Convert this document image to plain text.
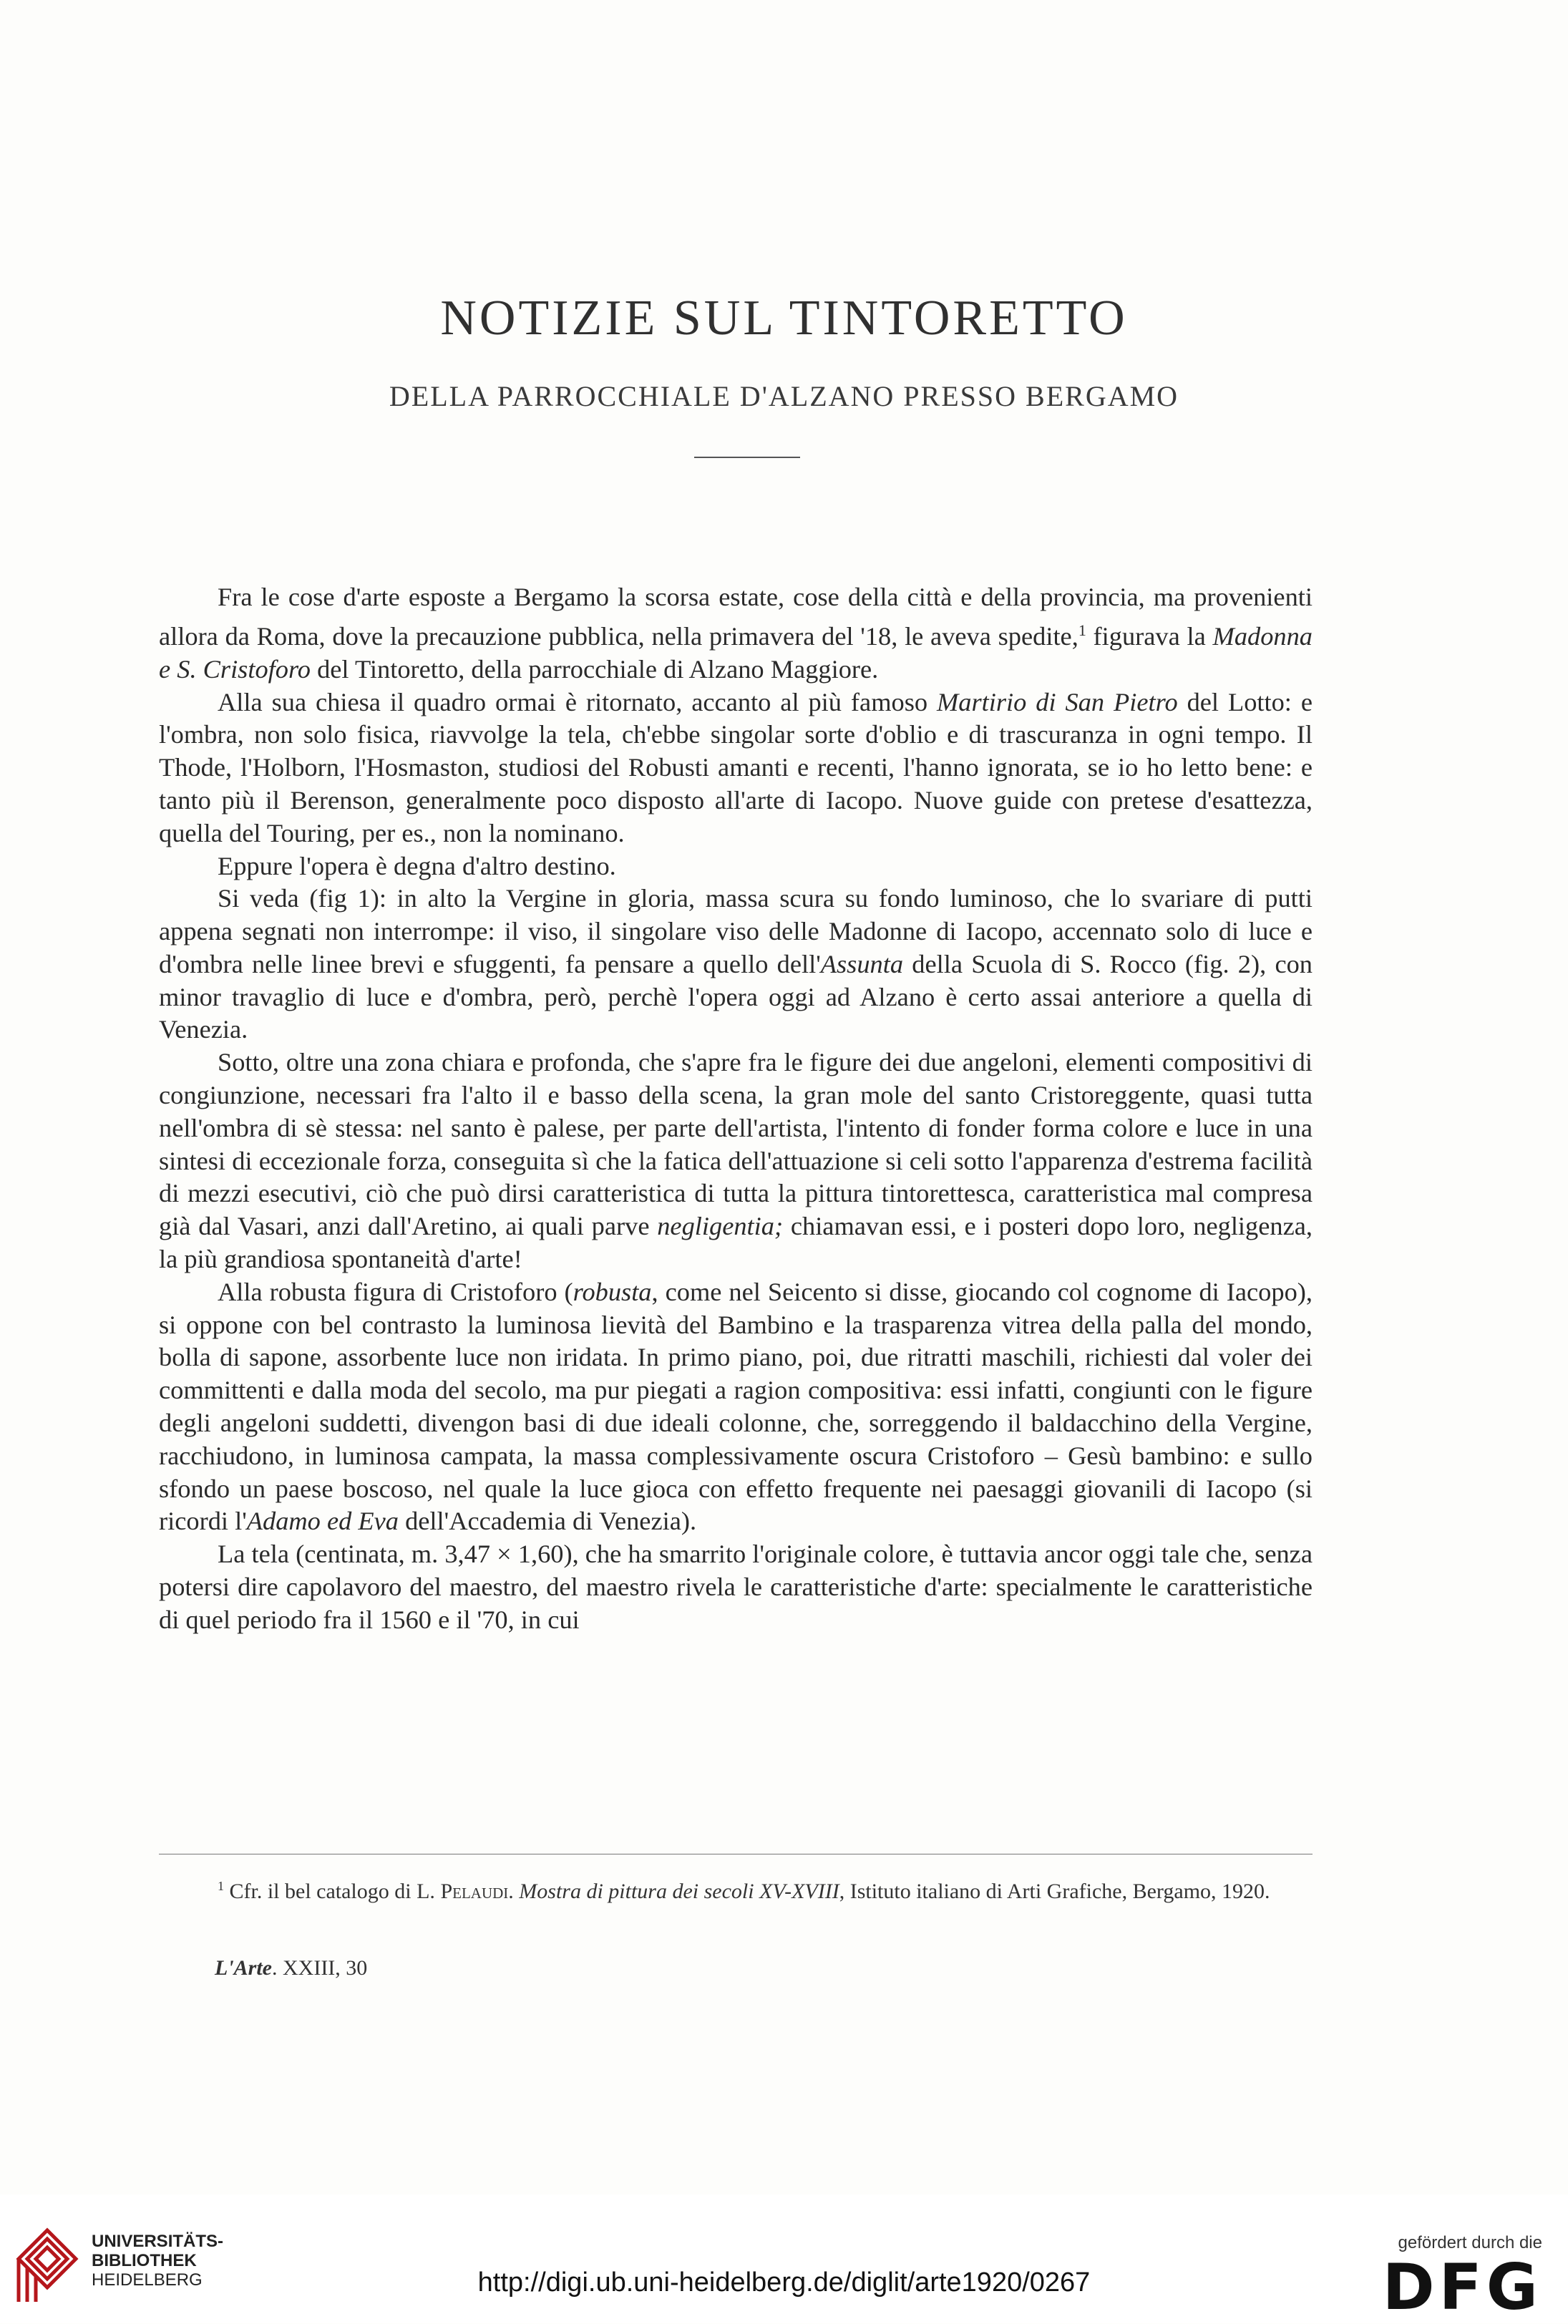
NOTIZIE SUL TINTORETTO
DELLA PARROCCHIALE D'ALZANO PRESSO BERGAMO

Fra le cose d'arte esposte a Bergamo la scorsa estate, cose della città e della provincia, ma provenienti allora da Roma, dove la precauzione pubblica, nella primavera del '18, le aveva spedite,$^1$ figurava la Madonna e S. Cristoforo del Tintoretto, della parrocchiale di Alzano Maggiore.

Alla sua chiesa il quadro ormai è ritornato, accanto al più famoso Martirio di San Pietro del Lotto: e l'ombra, non solo fisica, riavvolge la tela, ch'ebbe singolar sorte d'oblio e di trascuranza in ogni tempo. Il Thode, l'Holborn, l'Hosmaston, studiosi del Robusti amanti e recenti, l'hanno ignorata, se io ho letto bene: e tanto più il Berenson, generalmente poco disposto all'arte di Iacopo. Nuove guide con pretese d'esattezza, quella del Touring, per es., non la nominano.

Eppure l'opera è degna d'altro destino.

Si veda (fig 1): in alto la Vergine in gloria, massa scura su fondo luminoso, che lo svariare di putti appena segnati non interrompe: il viso, il singolare viso delle Madonne di Iacopo, accennato solo di luce e d'ombra nelle linee brevi e sfuggenti, fa pensare a quello dell'Assunta della Scuola di S. Rocco (fig. 2), con minor travaglio di luce e d'ombra, però, perchè l'opera oggi ad Alzano è certo assai anteriore a quella di Venezia.

Sotto, oltre una zona chiara e profonda, che s'apre fra le figure dei due angeloni, elementi compositivi di congiunzione, necessari fra l'alto il e basso della scena, la gran mole del santo Cristoreggente, quasi tutta nell'ombra di sè stessa: nel santo è palese, per parte dell'artista, l'intento di fonder forma colore e luce in una sintesi di eccezionale forza, conseguita sì che la fatica dell'attuazione si celi sotto l'apparenza d'estrema facilità di mezzi esecutivi, ciò che può dirsi caratteristica di tutta la pittura tintorettesca, caratteristica mal compresa già dal Vasari, anzi dall'Aretino, ai quali parve negligentia; chiamavan essi, e i posteri dopo loro, negligenza, la più grandiosa spontaneità d'arte!

Alla robusta figura di Cristoforo (robusta, come nel Seicento si disse, giocando col cognome di Iacopo), si oppone con bel contrasto la luminosa lievità del Bambino e la trasparenza vitrea della palla del mondo, bolla di sapone, assorbente luce non iridata. In primo piano, poi, due ritratti maschili, richiesti dal voler dei committenti e dalla moda del secolo, ma pur piegati a ragion compositiva: essi infatti, congiunti con le figure degli angeloni suddetti, divengon basi di due ideali colonne, che, sorreggendo il baldacchino della Vergine, racchiudono, in luminosa campata, la massa complessivamente oscura Cristoforo – Gesù bambino: e sullo sfondo un paese boscoso, nel quale la luce gioca con effetto frequente nei paesaggi giovanili di Iacopo (si ricordi l'Adamo ed Eva dell'Accademia di Venezia).

La tela (centinata, m. 3,47 × 1,60), che ha smarrito l'originale colore, è tuttavia ancor oggi tale che, senza potersi dire capolavoro del maestro, del maestro rivela le caratteristiche d'arte: specialmente le caratteristiche di quel periodo fra il 1560 e il '70, in cui

$^1$ Cfr. il bel catalogo di L. Pelaudi. Mostra di pittura dei secoli XV-XVIII, Istituto italiano di Arti Grafiche, Bergamo, 1920.

L'Arte. XXIII, 30
UNIVERSITÄTS-
BIBLIOTHEK
HEIDELBERG	http://digi.ub.uni-heidelberg.de/diglit/arte1920/0267
gefördert durch die
DFG
